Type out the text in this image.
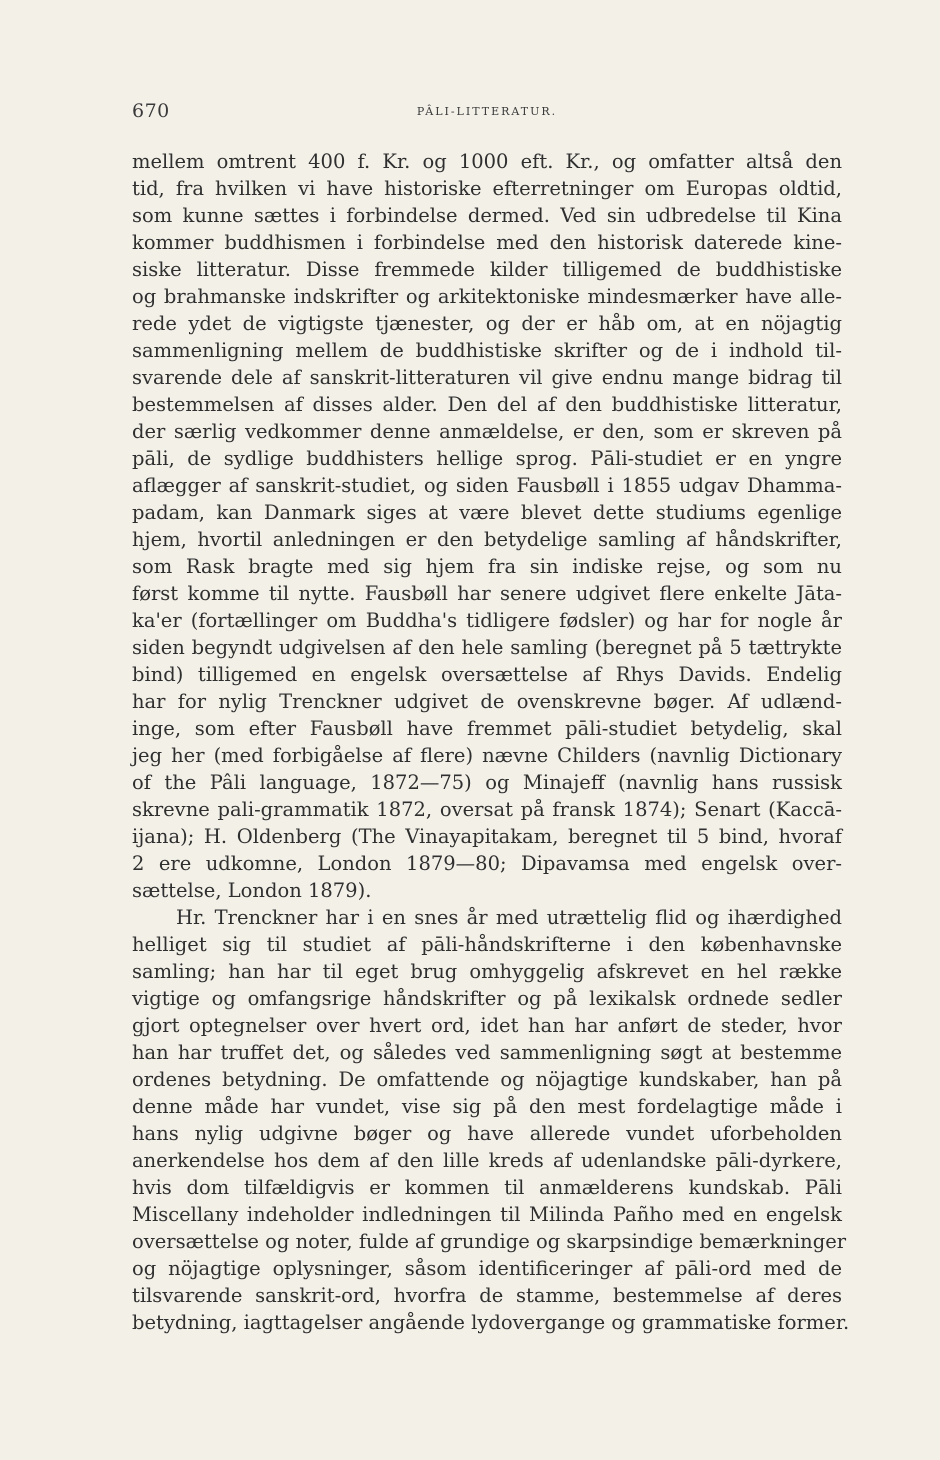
670	PÂLI-LITTERATUR.
mellem omtrent 400 f. Kr. og 1000 eft. Kr., og omfatter altså den
tid, fra hvilken vi have historiske efterretninger om Europas oldtid,
som kunne sættes i forbindelse dermed. Ved sin udbredelse til Kina
kommer buddhismen i forbindelse med den historisk daterede kine-
siske litteratur. Disse fremmede kilder tilligemed de buddhistiske
og brahmanske indskrifter og arkitektoniske mindesmærker have alle-
rede ydet de vigtigste tjænester, og der er håb om, at en nöjagtig
sammenligning mellem de buddhistiske skrifter og de i indhold til-
svarende dele af sanskrit-litteraturen vil give endnu mange bidrag til
bestemmelsen af disses alder. Den del af den buddhistiske litteratur,
der særlig vedkommer denne anmældelse, er den, som er skreven på
pāli, de sydlige buddhisters hellige sprog. Pāli-studiet er en yngre
aflægger af sanskrit-studiet, og siden Fausbøll i 1855 udgav Dhamma-
padam, kan Danmark siges at være blevet dette studiums egenlige
hjem, hvortil anledningen er den betydelige samling af håndskrifter,
som Rask bragte med sig hjem fra sin indiske rejse, og som nu
først komme til nytte. Fausbøll har senere udgivet flere enkelte Jāta-
ka'er (fortællinger om Buddha's tidligere fødsler) og har for nogle år
siden begyndt udgivelsen af den hele samling (beregnet på 5 tættrykte
bind) tilligemed en engelsk oversættelse af Rhys Davids. Endelig
har for nylig Trenckner udgivet de ovenskrevne bøger. Af udlænd-
inge, som efter Fausbøll have fremmet pāli-studiet betydelig, skal
jeg her (med forbigåelse af flere) nævne Childers (navnlig Dictionary
of the Pâli language, 1872—75) og Minajeff (navnlig hans russisk
skrevne pali-grammatik 1872, oversat på fransk 1874); Senart (Kaccā-
ijana); H. Oldenberg (The Vinayapitakam, beregnet til 5 bind, hvoraf
2 ere udkomne, London 1879—80; Dipavamsa med engelsk over-
sættelse, London 1879).
Hr. Trenckner har i en snes år med utrættelig flid og ihærdighed
helliget sig til studiet af pāli-håndskrifterne i den københavnske
samling; han har til eget brug omhyggelig afskrevet en hel række
vigtige og omfangsrige håndskrifter og på lexikalsk ordnede sedler
gjort optegnelser over hvert ord, idet han har anført de steder, hvor
han har truffet det, og således ved sammenligning søgt at bestemme
ordenes betydning. De omfattende og nöjagtige kundskaber, han på
denne måde har vundet, vise sig på den mest fordelagtige måde i
hans nylig udgivne bøger og have allerede vundet uforbeholden
anerkendelse hos dem af den lille kreds af udenlandske pāli-dyrkere,
hvis dom tilfældigvis er kommen til anmælderens kundskab. Pāli
Miscellany indeholder indledningen til Milinda Pañho med en engelsk
oversættelse og noter, fulde af grundige og skarpsindige bemærkninger
og nöjagtige oplysninger, såsom identificeringer af pāli-ord med de
tilsvarende sanskrit-ord, hvorfra de stamme, bestemmelse af deres
betydning, iagttagelser angående lydovergange og grammatiske former.
